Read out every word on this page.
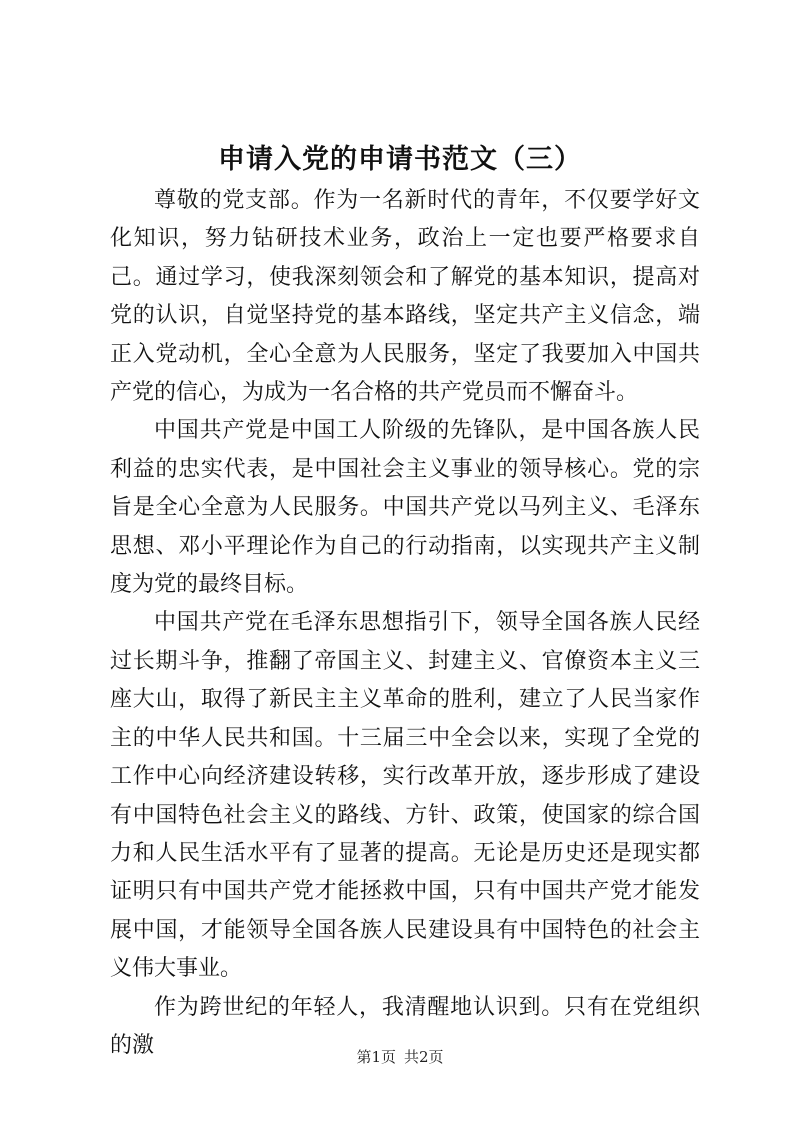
申请入党的申请书范文（三）

尊敬的党支部。作为一名新时代的青年，不仅要学好文化知识，努力钻研技术业务，政治上一定也要严格要求自己。通过学习，使我深刻领会和了解党的基本知识，提高对党的认识，自觉坚持党的基本路线，坚定共产主义信念，端正入党动机，全心全意为人民服务，坚定了我要加入中国共产党的信心，为成为一名合格的共产党员而不懈奋斗。

中国共产党是中国工人阶级的先锋队，是中国各族人民利益的忠实代表，是中国社会主义事业的领导核心。党的宗旨是全心全意为人民服务。中国共产党以马列主义、毛泽东思想、邓小平理论作为自己的行动指南，以实现共产主义制度为党的最终目标。

中国共产党在毛泽东思想指引下，领导全国各族人民经过长期斗争，推翻了帝国主义、封建主义、官僚资本主义三座大山，取得了新民主主义革命的胜利，建立了人民当家作主的中华人民共和国。十三届三中全会以来，实现了全党的工作中心向经济建设转移，实行改革开放，逐步形成了建设有中国特色社会主义的路线、方针、政策，使国家的综合国力和人民生活水平有了显著的提高。无论是历史还是现实都证明只有中国共产党才能拯救中国，只有中国共产党才能发展中国，才能领导全国各族人民建设具有中国特色的社会主义伟大事业。

作为跨世纪的年轻人，我清醒地认识到。只有在党组织的激	第1页 共2页
